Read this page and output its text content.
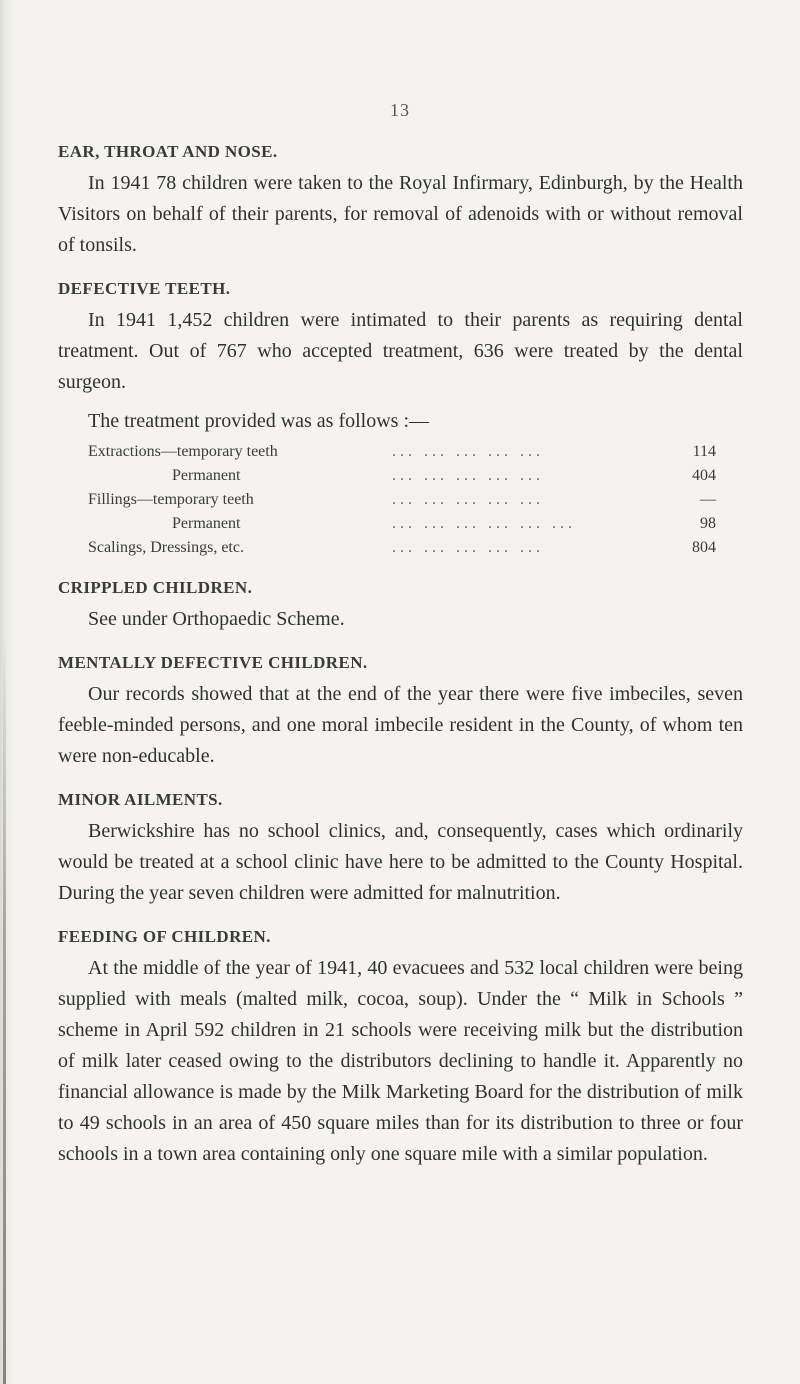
13
EAR, THROAT AND NOSE.

In 1941 78 children were taken to the Royal Infirmary, Edinburgh, by the Health Visitors on behalf of their parents, for removal of adenoids with or without removal of tonsils.

DEFECTIVE TEETH.

In 1941 1,452 children were intimated to their parents as requiring dental treatment. Out of 767 who accepted treatment, 636 were treated by the dental surgeon.

The treatment provided was as follows :—

Extractions—temporary teeth	... ... ... ... ...	114
Permanent	... ... ... ... ...	404
Fillings—temporary teeth	... ... ... ... ...	—
Permanent	... ... ... ... ... ...	98
Scalings, Dressings, etc.	... ... ... ... ...	804
CRIPPLED CHILDREN.

See under Orthopaedic Scheme.

MENTALLY DEFECTIVE CHILDREN.

Our records showed that at the end of the year there were five imbeciles, seven feeble-minded persons, and one moral imbecile resident in the County, of whom ten were non-educable.

MINOR AILMENTS.

Berwickshire has no school clinics, and, consequently, cases which ordinarily would be treated at a school clinic have here to be admitted to the County Hospital. During the year seven children were admitted for malnutrition.

FEEDING OF CHILDREN.

At the middle of the year of 1941, 40 evacuees and 532 local children were being supplied with meals (malted milk, cocoa, soup). Under the “ Milk in Schools ” scheme in April 592 children in 21 schools were receiving milk but the distribution of milk later ceased owing to the distributors declining to handle it. Apparently no financial allowance is made by the Milk Marketing Board for the distribution of milk to 49 schools in an area of 450 square miles than for its distribution to three or four schools in a town area containing only one square mile with a similar population.
